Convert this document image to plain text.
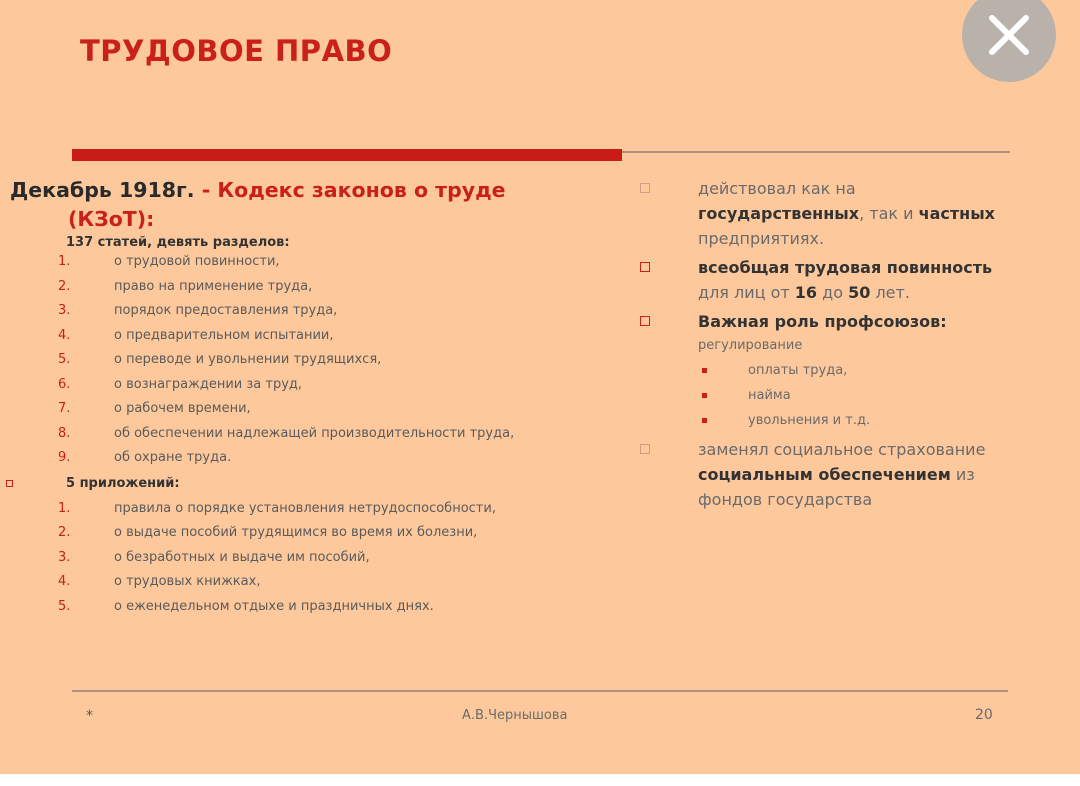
ТРУДОВОЕ ПРАВО
Декабрь 1918г. - Кодекс законов о труде
(КЗоТ):
137 статей, девять разделов:
1.	о трудовой повинности,
2.	право на применение труда,
3.	порядок предоставления труда,
4.	о предварительном испытании,
5.	о переводе и увольнении трудящихся,
6.	о вознаграждении за труд,
7.	о рабочем времени,
8.	об обеспечении надлежащей производительности труда,
9.	об охране труда.
5 приложений:
1.	правила о порядке установления нетрудоспособности,
2.	о выдаче пособий трудящимся во время их болезни,
3.	о безработных и выдаче им пособий,
4.	о трудовых книжках,
5.	о еженедельном отдыхе и праздничных днях.
действовал как на государственных, так и частных предприятиях.
всеобщая трудовая повинность для лиц от 16 до 50 лет.
Важная роль профсоюзов:
регулирование
оплаты труда,
найма
увольнения и т.д.
заменял социальное страхование социальным обеспечением из фондов государства
*	А.В.Чернышова	20
